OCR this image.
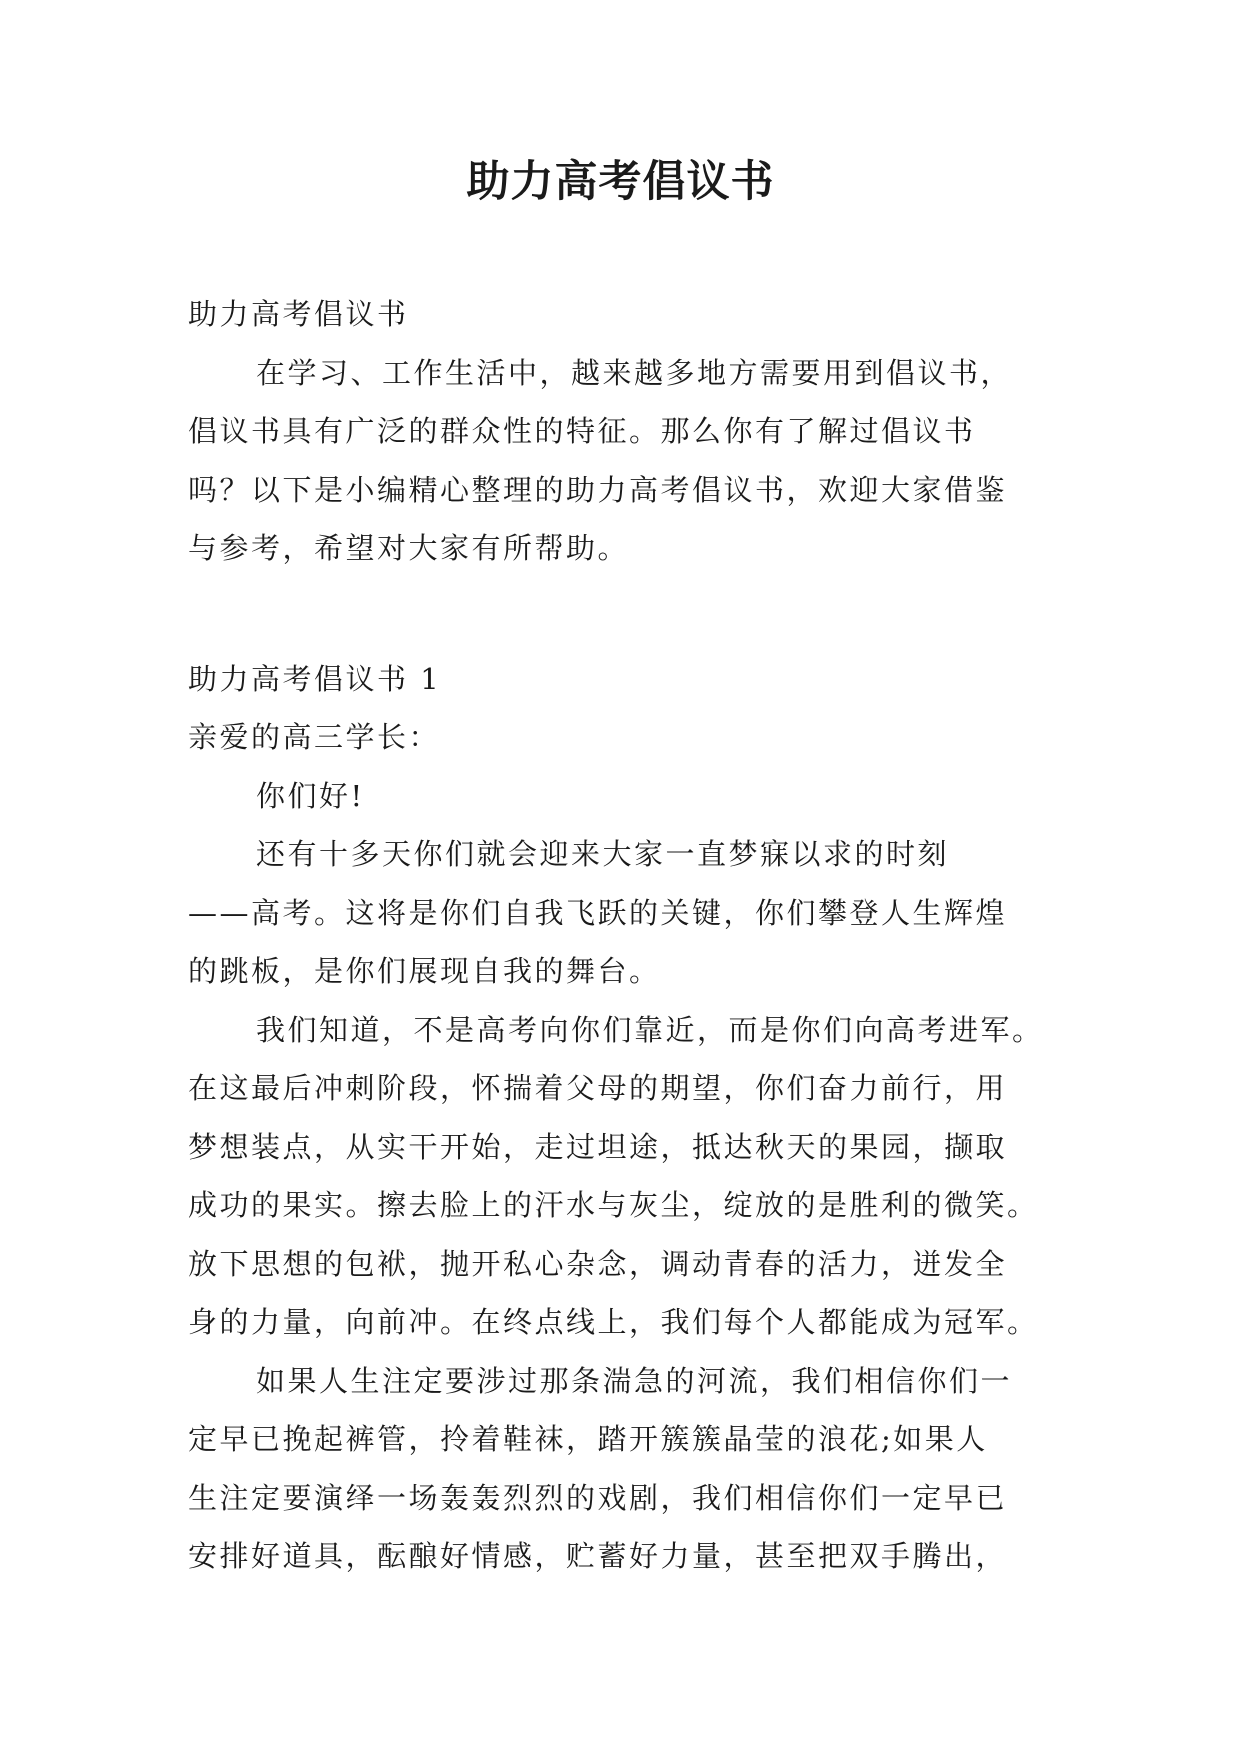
助力高考倡议书
助力高考倡议书
在学习、工作生活中，越来越多地方需要用到倡议书，
倡议书具有广泛的群众性的特征。那么你有了解过倡议书
吗？以下是小编精心整理的助力高考倡议书，欢迎大家借鉴
与参考，希望对大家有所帮助。
助力高考倡议书 1
亲爱的高三学长：
你们好!
还有十多天你们就会迎来大家一直梦寐以求的时刻
——高考。这将是你们自我飞跃的关键，你们攀登人生辉煌
的跳板，是你们展现自我的舞台。
我们知道，不是高考向你们靠近，而是你们向高考进军。
在这最后冲刺阶段，怀揣着父母的期望，你们奋力前行，用
梦想装点，从实干开始，走过坦途，抵达秋天的果园，撷取
成功的果实。擦去脸上的汗水与灰尘，绽放的是胜利的微笑。
放下思想的包袱，抛开私心杂念，调动青春的活力，迸发全
身的力量，向前冲。在终点线上，我们每个人都能成为冠军。
如果人生注定要涉过那条湍急的河流，我们相信你们一
定早已挽起裤管，拎着鞋袜，踏开簇簇晶莹的浪花;如果人
生注定要演绎一场轰轰烈烈的戏剧，我们相信你们一定早已
安排好道具，酝酿好情感，贮蓄好力量，甚至把双手腾出，
